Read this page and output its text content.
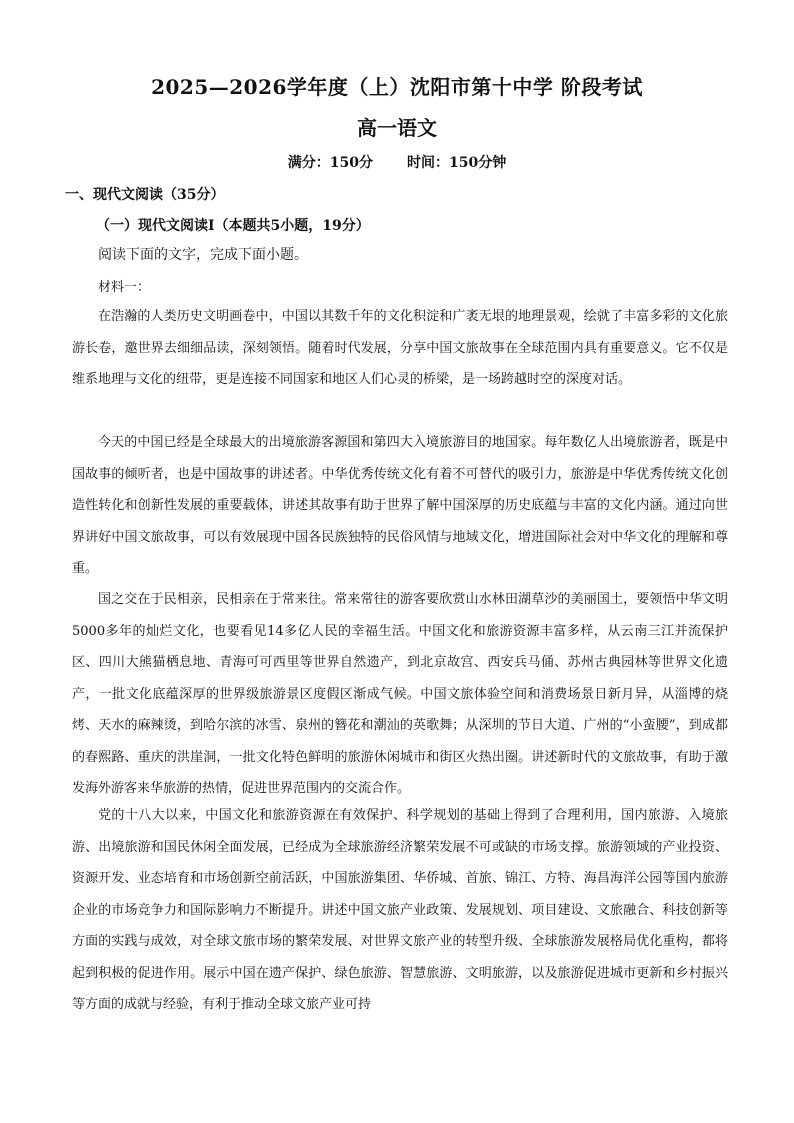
2025—2026学年度（上）沈阳市第十中学 阶段考试
高一语文
满分：150分 时间：150分钟
一、现代文阅读（35分）
（一）现代文阅读Ⅰ（本题共5小题，19分）
阅读下面的文字，完成下面小题。
材料一：

在浩瀚的人类历史文明画卷中，中国以其数千年的文化积淀和广袤无垠的地理景观，绘就了丰富多彩的文化旅游长卷，邀世界去细细品读，深刻领悟。随着时代发展，分享中国文旅故事在全球范围内具有重要意义。它不仅是维系地理与文化的纽带，更是连接不同国家和地区人们心灵的桥梁，是一场跨越时空的深度对话。

今天的中国已经是全球最大的出境旅游客源国和第四大入境旅游目的地国家。每年数亿人出境旅游者，既是中国故事的倾听者，也是中国故事的讲述者。中华优秀传统文化有着不可替代的吸引力，旅游是中华优秀传统文化创造性转化和创新性发展的重要载体，讲述其故事有助于世界了解中国深厚的历史底蕴与丰富的文化内涵。通过向世界讲好中国文旅故事，可以有效展现中国各民族独特的民俗风情与地域文化，增进国际社会对中华文化的理解和尊重。

国之交在于民相亲，民相亲在于常来往。常来常往的游客要欣赏山水林田湖草沙的美丽国土，要领悟中华文明5000多年的灿烂文化，也要看见14多亿人民的幸福生活。中国文化和旅游资源丰富多样，从云南三江并流保护区、四川大熊猫栖息地、青海可可西里等世界自然遗产，到北京故宫、西安兵马俑、苏州古典园林等世界文化遗产，一批文化底蕴深厚的世界级旅游景区度假区渐成气候。中国文旅体验空间和消费场景日新月异，从淄博的烧烤、天水的麻辣烫，到哈尔滨的冰雪、泉州的簪花和潮汕的英歌舞；从深圳的节日大道、广州的“小蛮腰”，到成都的春熙路、重庆的洪崖洞，一批文化特色鲜明的旅游休闲城市和街区火热出圈。讲述新时代的文旅故事，有助于激发海外游客来华旅游的热情，促进世界范围内的交流合作。

党的十八大以来，中国文化和旅游资源在有效保护、科学规划的基础上得到了合理利用，国内旅游、入境旅游、出境旅游和国民休闲全面发展，已经成为全球旅游经济繁荣发展不可或缺的市场支撑。旅游领域的产业投资、资源开发、业态培育和市场创新空前活跃，中国旅游集团、华侨城、首旅、锦江、方特、海昌海洋公园等国内旅游企业的市场竞争力和国际影响力不断提升。讲述中国文旅产业政策、发展规划、项目建设、文旅融合、科技创新等方面的实践与成效，对全球文旅市场的繁荣发展、对世界文旅产业的转型升级、全球旅游发展格局优化重构，都将起到积极的促进作用。展示中国在遗产保护、绿色旅游、智慧旅游、文明旅游，以及旅游促进城市更新和乡村振兴等方面的成就与经验，有利于推动全球文旅产业可持
